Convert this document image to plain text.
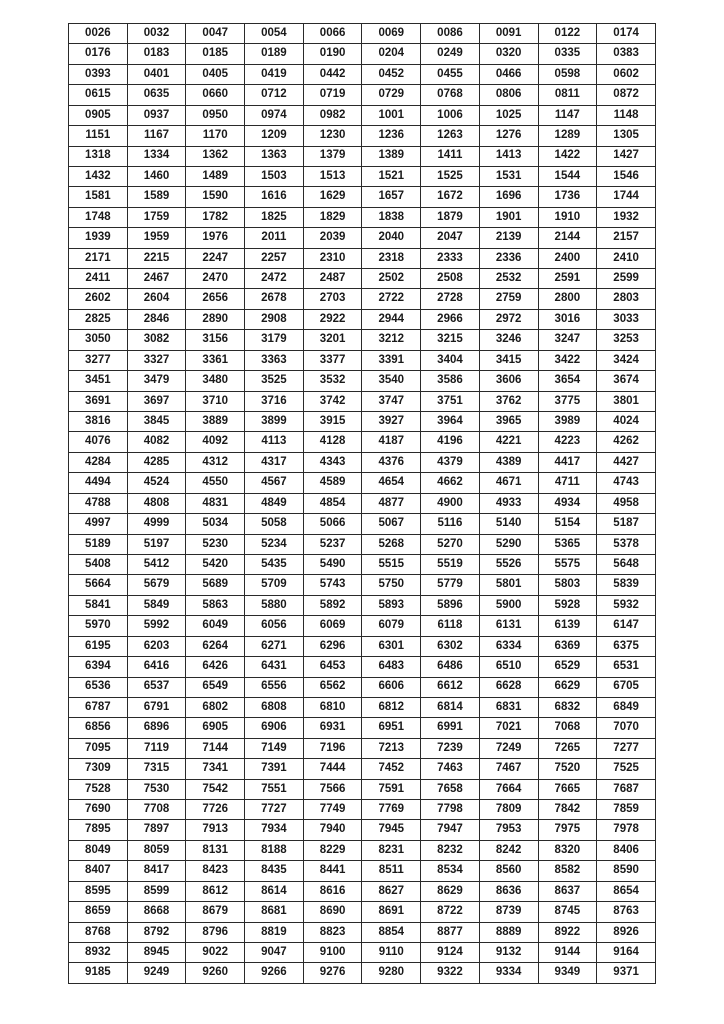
0026	0032	0047	0054	0066	0069	0086	0091	0122	0174
0176	0183	0185	0189	0190	0204	0249	0320	0335	0383
0393	0401	0405	0419	0442	0452	0455	0466	0598	0602
0615	0635	0660	0712	0719	0729	0768	0806	0811	0872
0905	0937	0950	0974	0982	1001	1006	1025	1147	1148
1151	1167	1170	1209	1230	1236	1263	1276	1289	1305
1318	1334	1362	1363	1379	1389	1411	1413	1422	1427
1432	1460	1489	1503	1513	1521	1525	1531	1544	1546
1581	1589	1590	1616	1629	1657	1672	1696	1736	1744
1748	1759	1782	1825	1829	1838	1879	1901	1910	1932
1939	1959	1976	2011	2039	2040	2047	2139	2144	2157
2171	2215	2247	2257	2310	2318	2333	2336	2400	2410
2411	2467	2470	2472	2487	2502	2508	2532	2591	2599
2602	2604	2656	2678	2703	2722	2728	2759	2800	2803
2825	2846	2890	2908	2922	2944	2966	2972	3016	3033
3050	3082	3156	3179	3201	3212	3215	3246	3247	3253
3277	3327	3361	3363	3377	3391	3404	3415	3422	3424
3451	3479	3480	3525	3532	3540	3586	3606	3654	3674
3691	3697	3710	3716	3742	3747	3751	3762	3775	3801
3816	3845	3889	3899	3915	3927	3964	3965	3989	4024
4076	4082	4092	4113	4128	4187	4196	4221	4223	4262
4284	4285	4312	4317	4343	4376	4379	4389	4417	4427
4494	4524	4550	4567	4589	4654	4662	4671	4711	4743
4788	4808	4831	4849	4854	4877	4900	4933	4934	4958
4997	4999	5034	5058	5066	5067	5116	5140	5154	5187
5189	5197	5230	5234	5237	5268	5270	5290	5365	5378
5408	5412	5420	5435	5490	5515	5519	5526	5575	5648
5664	5679	5689	5709	5743	5750	5779	5801	5803	5839
5841	5849	5863	5880	5892	5893	5896	5900	5928	5932
5970	5992	6049	6056	6069	6079	6118	6131	6139	6147
6195	6203	6264	6271	6296	6301	6302	6334	6369	6375
6394	6416	6426	6431	6453	6483	6486	6510	6529	6531
6536	6537	6549	6556	6562	6606	6612	6628	6629	6705
6787	6791	6802	6808	6810	6812	6814	6831	6832	6849
6856	6896	6905	6906	6931	6951	6991	7021	7068	7070
7095	7119	7144	7149	7196	7213	7239	7249	7265	7277
7309	7315	7341	7391	7444	7452	7463	7467	7520	7525
7528	7530	7542	7551	7566	7591	7658	7664	7665	7687
7690	7708	7726	7727	7749	7769	7798	7809	7842	7859
7895	7897	7913	7934	7940	7945	7947	7953	7975	7978
8049	8059	8131	8188	8229	8231	8232	8242	8320	8406
8407	8417	8423	8435	8441	8511	8534	8560	8582	8590
8595	8599	8612	8614	8616	8627	8629	8636	8637	8654
8659	8668	8679	8681	8690	8691	8722	8739	8745	8763
8768	8792	8796	8819	8823	8854	8877	8889	8922	8926
8932	8945	9022	9047	9100	9110	9124	9132	9144	9164
9185	9249	9260	9266	9276	9280	9322	9334	9349	9371
